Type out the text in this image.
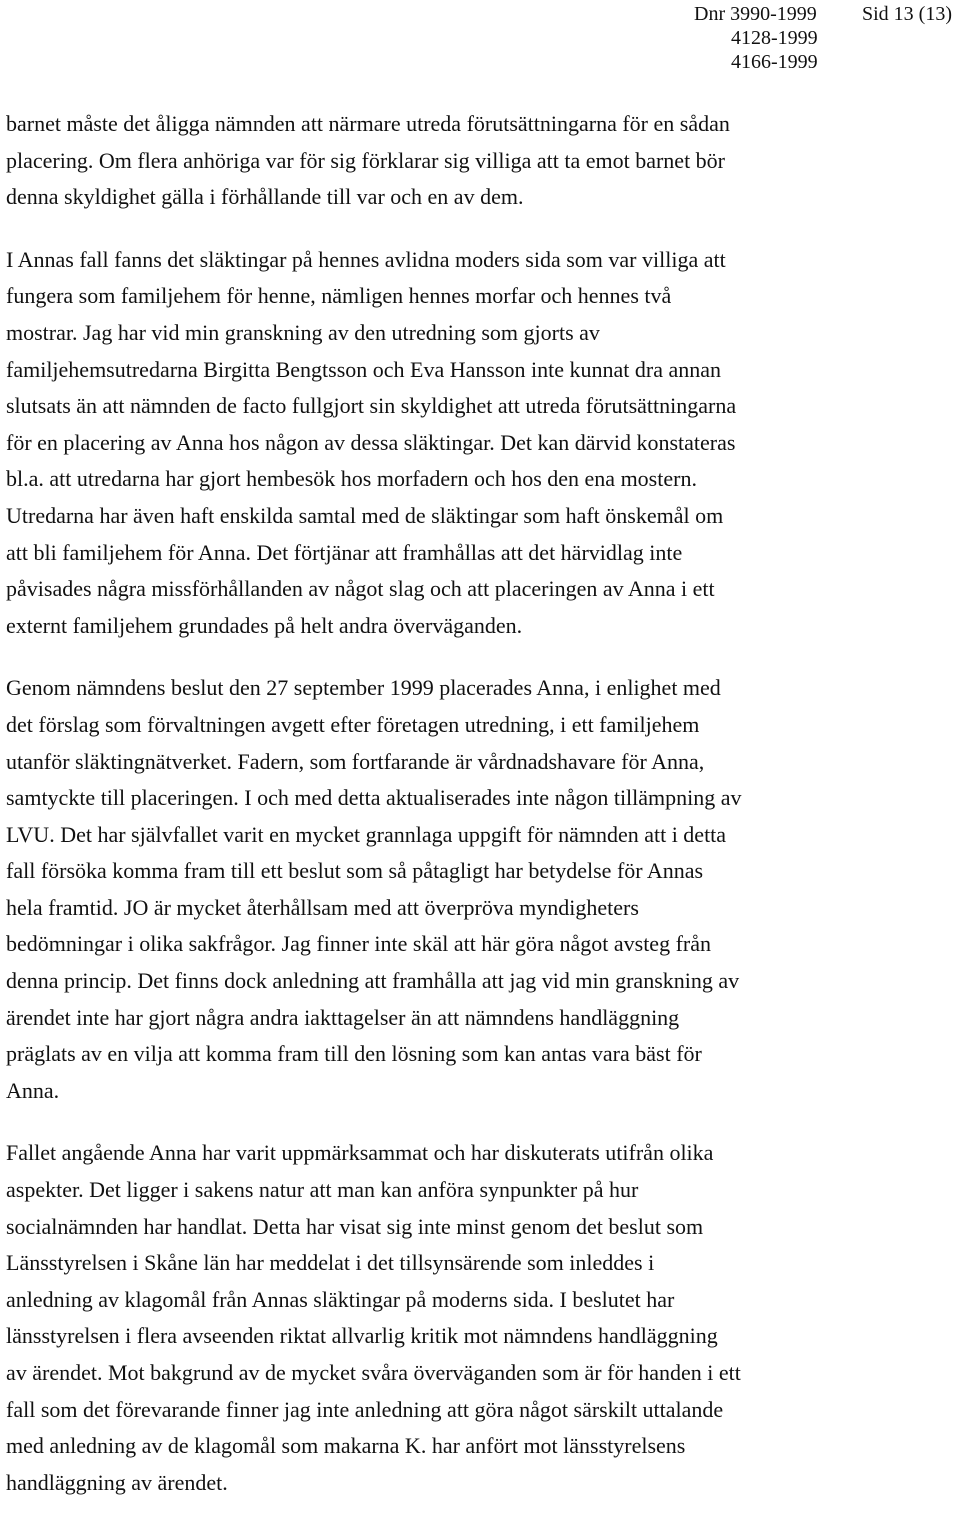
Dnr 3990-1999
4128-1999
4166-1999
Sid 13 (13)

barnet måste det åligga nämnden att närmare utreda förutsättningarna för en sådan
placering. Om flera anhöriga var för sig förklarar sig villiga att ta emot barnet bör
denna skyldighet gälla i förhållande till var och en av dem.

I Annas fall fanns det släktingar på hennes avlidna moders sida som var villiga att
fungera som familjehem för henne, nämligen hennes morfar och hennes två
mostrar. Jag har vid min granskning av den utredning som gjorts av
familjehemsutredarna Birgitta Bengtsson och Eva Hansson inte kunnat dra annan
slutsats än att nämnden de facto fullgjort sin skyldighet att utreda förutsättningarna
för en placering av Anna hos någon av dessa släktingar. Det kan därvid konstateras
bl.a. att utredarna har gjort hembesök hos morfadern och hos den ena mostern.
Utredarna har även haft enskilda samtal med de släktingar som haft önskemål om
att bli familjehem för Anna. Det förtjänar att framhållas att det härvidlag inte
påvisades några missförhållanden av något slag och att placeringen av Anna i ett
externt familjehem grundades på helt andra överväganden.

Genom nämndens beslut den 27 september 1999 placerades Anna, i enlighet med
det förslag som förvaltningen avgett efter företagen utredning, i ett familjehem
utanför släktingnätverket. Fadern, som fortfarande är vårdnadshavare för Anna,
samtyckte till placeringen. I och med detta aktualiserades inte någon tillämpning av
LVU. Det har självfallet varit en mycket grannlaga uppgift för nämnden att i detta
fall försöka komma fram till ett beslut som så påtagligt har betydelse för Annas
hela framtid. JO är mycket återhållsam med att överpröva myndigheters
bedömningar i olika sakfrågor. Jag finner inte skäl att här göra något avsteg från
denna princip. Det finns dock anledning att framhålla att jag vid min granskning av
ärendet inte har gjort några andra iakttagelser än att nämndens handläggning
präglats av en vilja att komma fram till den lösning som kan antas vara bäst för
Anna.

Fallet angående Anna har varit uppmärksammat och har diskuterats utifrån olika
aspekter. Det ligger i sakens natur att man kan anföra synpunkter på hur
socialnämnden har handlat. Detta har visat sig inte minst genom det beslut som
Länsstyrelsen i Skåne län har meddelat i det tillsynsärende som inleddes i
anledning av klagomål från Annas släktingar på moderns sida. I beslutet har
länsstyrelsen i flera avseenden riktat allvarlig kritik mot nämndens handläggning
av ärendet. Mot bakgrund av de mycket svåra överväganden som är för handen i ett
fall som det förevarande finner jag inte anledning att göra något särskilt uttalande
med anledning av de klagomål som makarna K. har anfört mot länsstyrelsens
handläggning av ärendet.
